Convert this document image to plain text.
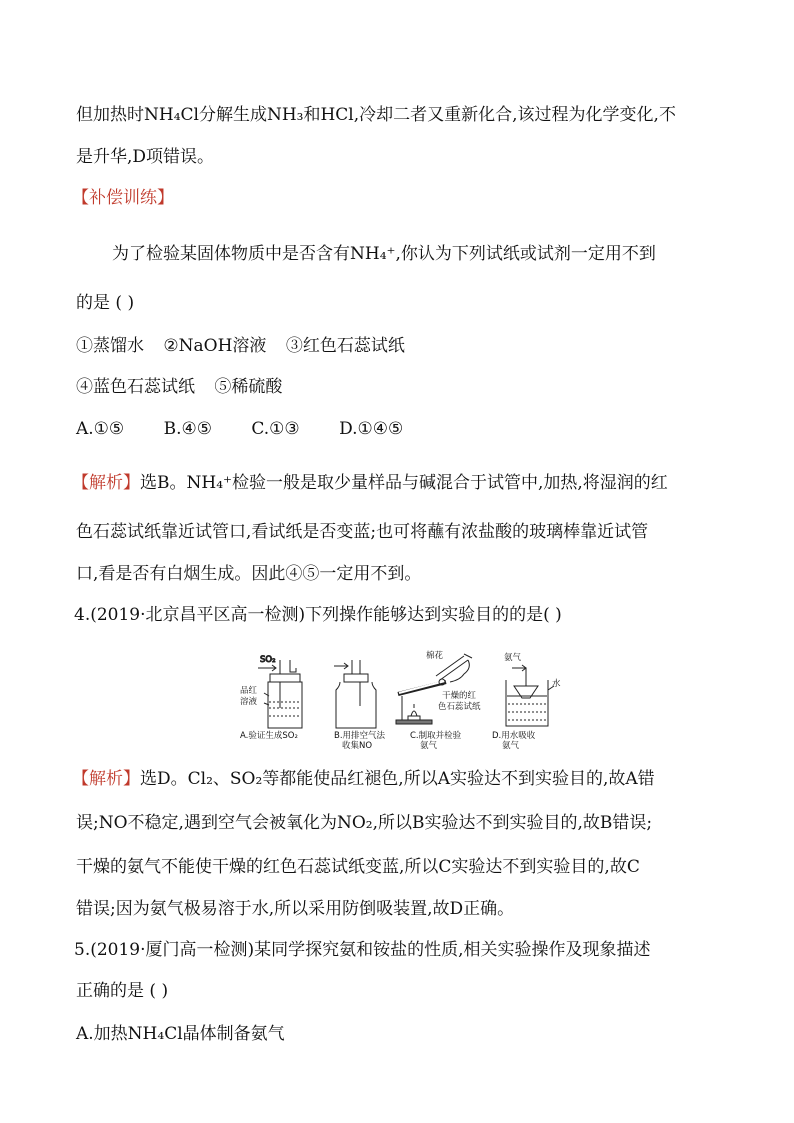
但加热时NH₄Cl分解生成NH₃和HCl,冷却二者又重新化合,该过程为化学变化,不
是升华,D项错误。
【补偿训练】
为了检验某固体物质中是否含有NH₄⁺,你认为下列试纸或试剂一定用不到
的是 ( )
①蒸馏水 ②NaOH溶液 ③红色石蕊试纸
④蓝色石蕊试纸 ⑤稀硫酸
A.①⑤ B.④⑤ C.①③ D.①④⑤
【解析】选B。NH₄⁺检验一般是取少量样品与碱混合于试管中,加热,将湿润的红
色石蕊试纸靠近试管口,看试纸是否变蓝;也可将蘸有浓盐酸的玻璃棒靠近试管
口,看是否有白烟生成。因此④⑤一定用不到。
4.(2019·北京昌平区高一检测)下列操作能够达到实验目的的是( )
SO₂
品红
溶液
A.验证生成SO₂	B.用排空气法
收集NO
棉花
干燥的红
色石蕊试纸
C.制取并检验
氨气
氨气
水
D.用水吸收
氨气
【解析】选D。Cl₂、SO₂等都能使品红褪色,所以A实验达不到实验目的,故A错
误;NO不稳定,遇到空气会被氧化为NO₂,所以B实验达不到实验目的,故B错误;
干燥的氨气不能使干燥的红色石蕊试纸变蓝,所以C实验达不到实验目的,故C
错误;因为氨气极易溶于水,所以采用防倒吸装置,故D正确。
5.(2019·厦门高一检测)某同学探究氨和铵盐的性质,相关实验操作及现象描述
正确的是 ( )
A.加热NH₄Cl晶体制备氨气
